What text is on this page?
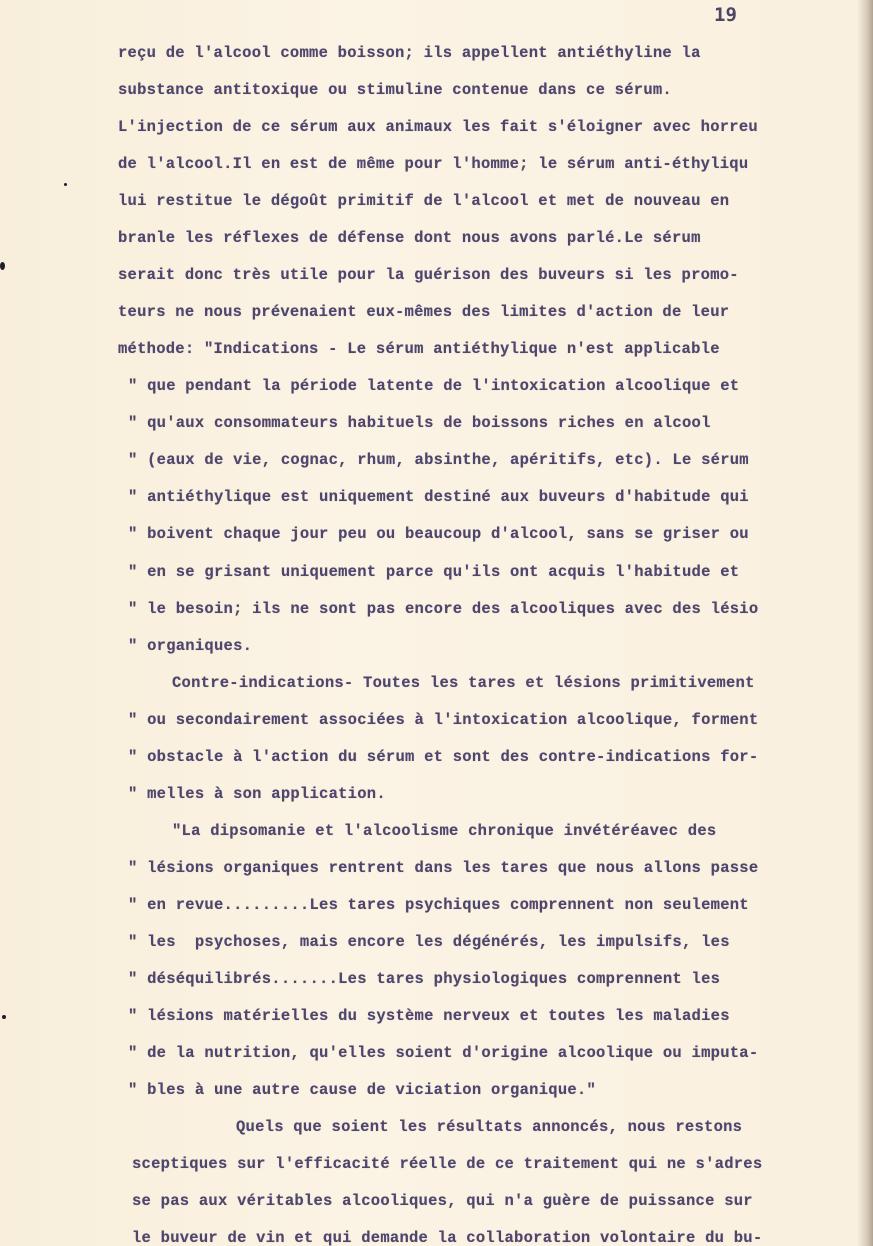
19
reçu de l'alcool comme boisson; ils appellent antiéthyline la
substance antitoxique ou stimuline contenue dans ce sérum.
L'injection de ce sérum aux animaux les fait s'éloigner avec horreu
de l'alcool.Il en est de même pour l'homme; le sérum anti-éthyliqu
lui restitue le dégoût primitif de l'alcool et met de nouveau en
branle les réflexes de défense dont nous avons parlé.Le sérum
serait donc très utile pour la guérison des buveurs si les promo-
teurs ne nous prévenaient eux-mêmes des limites d'action de leur
méthode: "Indications - Le sérum antiéthylique n'est applicable
" que pendant la période latente de l'intoxication alcoolique et
" qu'aux consommateurs habituels de boissons riches en alcool
" (eaux de vie, cognac, rhum, absinthe, apéritifs, etc). Le sérum
" antiéthylique est uniquement destiné aux buveurs d'habitude qui
" boivent chaque jour peu ou beaucoup d'alcool, sans se griser ou
" en se grisant uniquement parce qu'ils ont acquis l'habitude et
" le besoin; ils ne sont pas encore des alcooliques avec des lésio
" organiques.
Contre-indications- Toutes les tares et lésions primitivement
" ou secondairement associées à l'intoxication alcoolique, forment
" obstacle à l'action du sérum et sont des contre-indications for-
" melles à son application.
"La dipsomanie et l'alcoolisme chronique invétéréavec des
" lésions organiques rentrent dans les tares que nous allons passe
" en revue.........Les tares psychiques comprennent non seulement
" les  psychoses, mais encore les dégénérés, les impulsifs, les
" déséquilibrés.......Les tares physiologiques comprennent les
" lésions matérielles du système nerveux et toutes les maladies
" de la nutrition, qu'elles soient d'origine alcoolique ou imputa-
" bles à une autre cause de viciation organique."
Quels que soient les résultats annoncés, nous restons
sceptiques sur l'efficacité réelle de ce traitement qui ne s'adres
se pas aux véritables alcooliques, qui n'a guère de puissance sur
le buveur de vin et qui demande la collaboration volontaire du bu-
